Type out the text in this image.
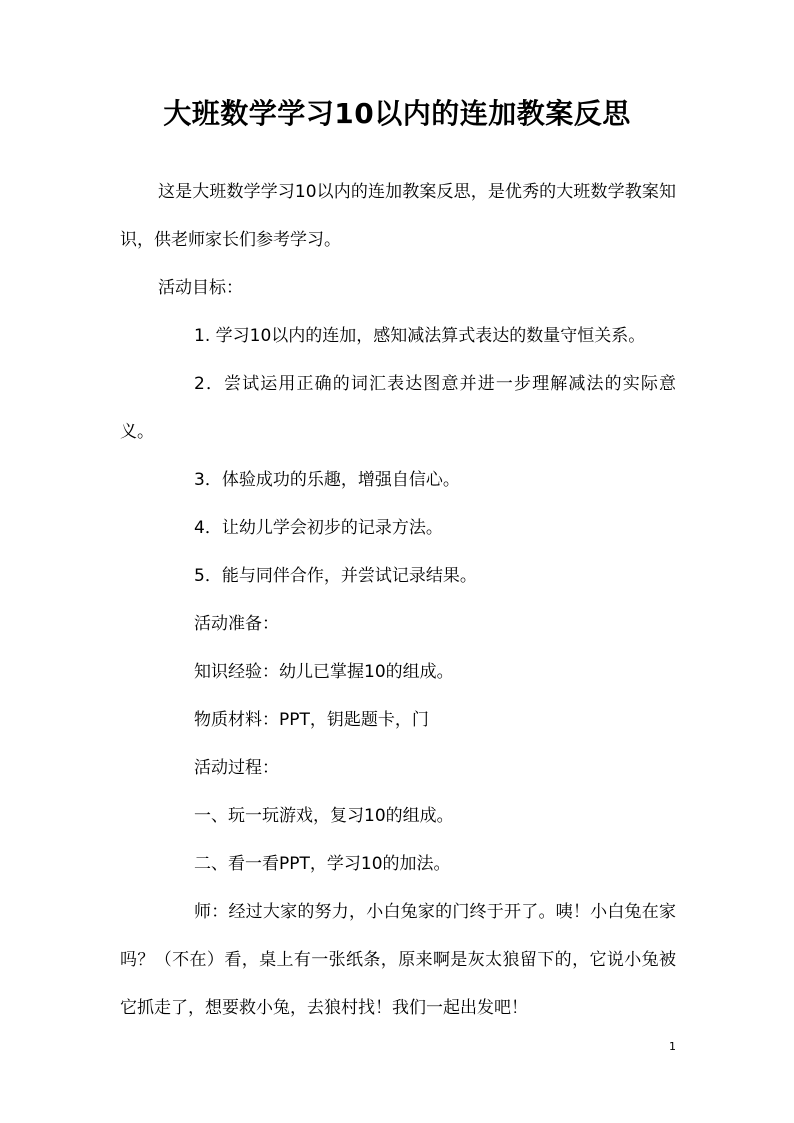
大班数学学习10以内的连加教案反思

这是大班数学学习10以内的连加教案反思，是优秀的大班数学教案知识，供老师家长们参考学习。

活动目标：

1. 学习10以内的连加，感知减法算式表达的数量守恒关系。

2．尝试运用正确的词汇表达图意并进一步理解减法的实际意义。

3．体验成功的乐趣，增强自信心。

4．让幼儿学会初步的记录方法。

5．能与同伴合作，并尝试记录结果。

活动准备：

知识经验：幼儿已掌握10的组成。

物质材料：PPT，钥匙题卡，门

活动过程：

一、玩一玩游戏，复习10的组成。

二、看一看PPT，学习10的加法。

师：经过大家的努力，小白兔家的门终于开了。咦！小白兔在家吗？（不在）看，桌上有一张纸条，原来啊是灰太狼留下的，它说小兔被它抓走了，想要救小兔，去狼村找！我们一起出发吧！

1
